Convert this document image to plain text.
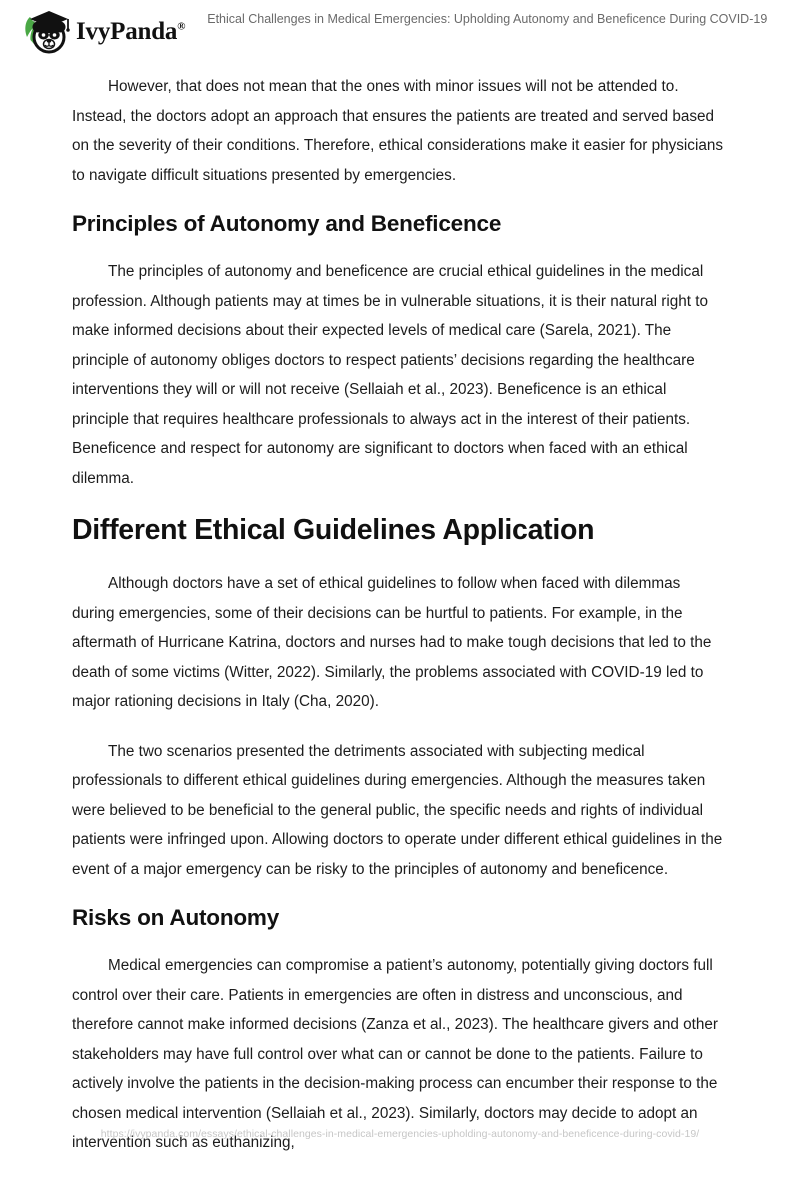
IvyPanda®
Ethical Challenges in Medical Emergencies: Upholding Autonomy and Beneficence During COVID-19

However, that does not mean that the ones with minor issues will not be attended to. Instead, the doctors adopt an approach that ensures the patients are treated and served based on the severity of their conditions. Therefore, ethical considerations make it easier for physicians to navigate difficult situations presented by emergencies.

Principles of Autonomy and Beneficence

The principles of autonomy and beneficence are crucial ethical guidelines in the medical profession. Although patients may at times be in vulnerable situations, it is their natural right to make informed decisions about their expected levels of medical care (Sarela, 2021). The principle of autonomy obliges doctors to respect patients’ decisions regarding the healthcare interventions they will or will not receive (Sellaiah et al., 2023). Beneficence is an ethical principle that requires healthcare professionals to always act in the interest of their patients. Beneficence and respect for autonomy are significant to doctors when faced with an ethical dilemma.

Different Ethical Guidelines Application

Although doctors have a set of ethical guidelines to follow when faced with dilemmas during emergencies, some of their decisions can be hurtful to patients. For example, in the aftermath of Hurricane Katrina, doctors and nurses had to make tough decisions that led to the death of some victims (Witter, 2022). Similarly, the problems associated with COVID-19 led to major rationing decisions in Italy (Cha, 2020).

The two scenarios presented the detriments associated with subjecting medical professionals to different ethical guidelines during emergencies. Although the measures taken were believed to be beneficial to the general public, the specific needs and rights of individual patients were infringed upon. Allowing doctors to operate under different ethical guidelines in the event of a major emergency can be risky to the principles of autonomy and beneficence.

Risks on Autonomy

Medical emergencies can compromise a patient’s autonomy, potentially giving doctors full control over their care. Patients in emergencies are often in distress and unconscious, and therefore cannot make informed decisions (Zanza et al., 2023). The healthcare givers and other stakeholders may have full control over what can or cannot be done to the patients. Failure to actively involve the patients in the decision-making process can encumber their response to the chosen medical intervention (Sellaiah et al., 2023). Similarly, doctors may decide to adopt an intervention such as euthanizing,

https://ivypanda.com/essays/ethical-challenges-in-medical-emergencies-upholding-autonomy-and-beneficence-during-covid-19/
